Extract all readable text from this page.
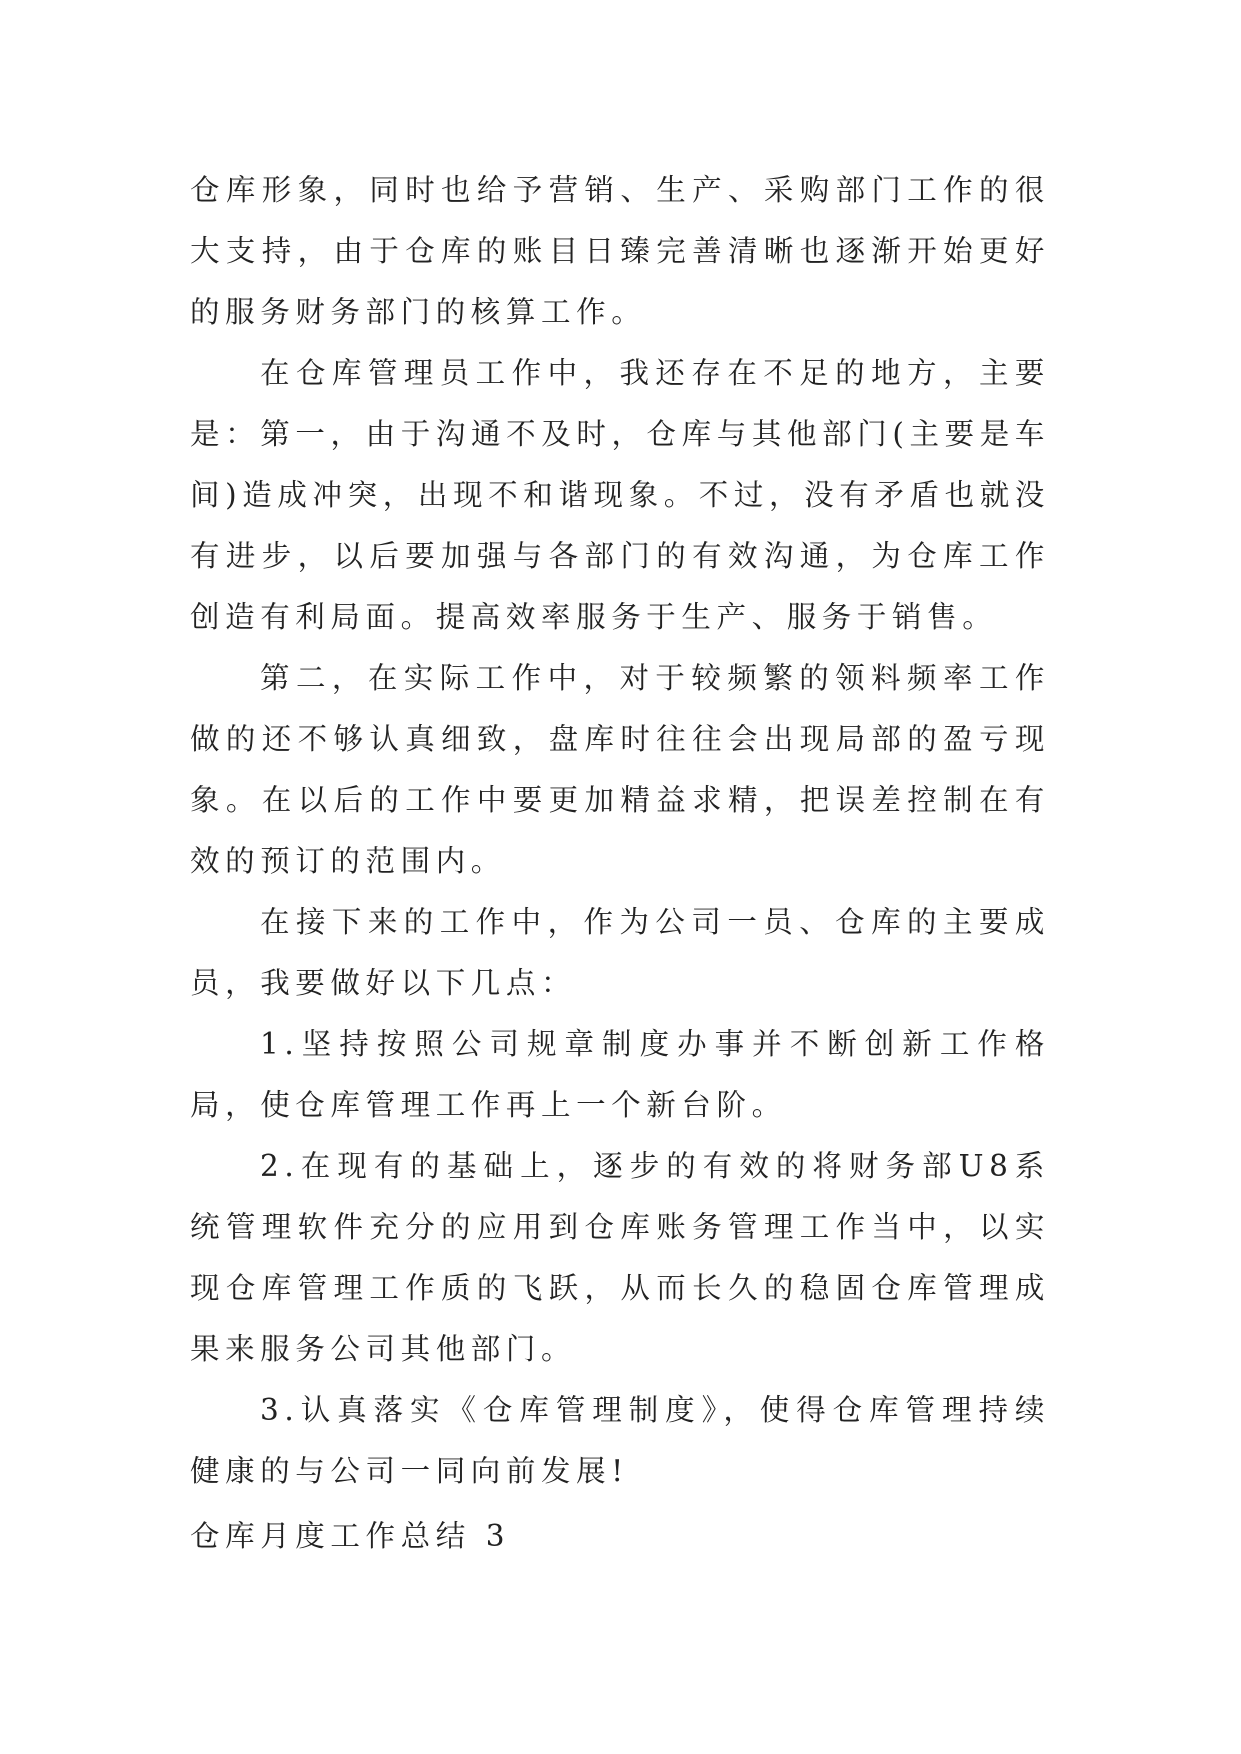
仓库形象，同时也给予营销、生产、采购部门工作的很大支持，由于仓库的账目日臻完善清晰也逐渐开始更好的服务财务部门的核算工作。

在仓库管理员工作中，我还存在不足的地方，主要是：第一，由于沟通不及时，仓库与其他部门(主要是车间)造成冲突，出现不和谐现象。不过，没有矛盾也就没有进步，以后要加强与各部门的有效沟通，为仓库工作创造有利局面。提高效率服务于生产、服务于销售。

第二，在实际工作中，对于较频繁的领料频率工作做的还不够认真细致，盘库时往往会出现局部的盈亏现象。在以后的工作中要更加精益求精，把误差控制在有效的预订的范围内。

在接下来的工作中，作为公司一员、仓库的主要成员，我要做好以下几点：

1.坚持按照公司规章制度办事并不断创新工作格局，使仓库管理工作再上一个新台阶。

2.在现有的基础上，逐步的有效的将财务部U8系统管理软件充分的应用到仓库账务管理工作当中，以实现仓库管理工作质的飞跃，从而长久的稳固仓库管理成果来服务公司其他部门。

3.认真落实《仓库管理制度》，使得仓库管理持续健康的与公司一同向前发展!

仓库月度工作总结 3
